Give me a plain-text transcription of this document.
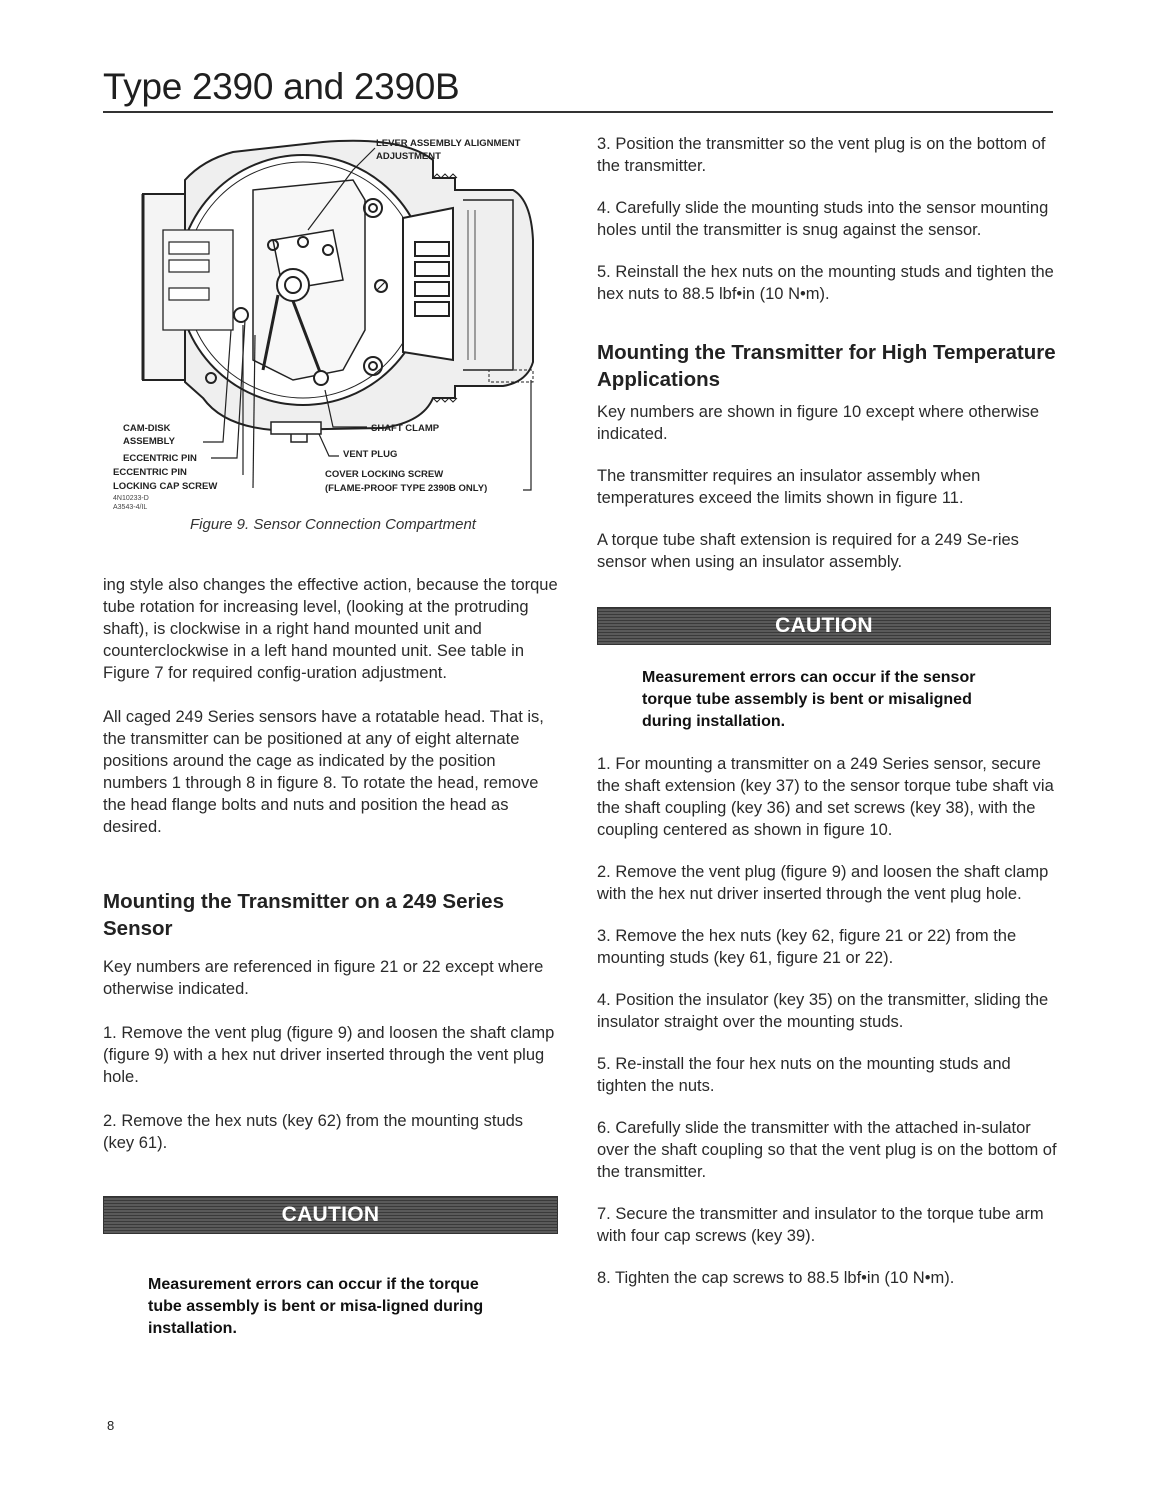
Type 2390 and 2390B
LEVER ASSEMBLY ALIGNMENT
ADJUSTMENT
CAM-DISK
ASSEMBLY
ECCENTRIC PIN
ECCENTRIC PIN
LOCKING CAP SCREW
4N10233-D
A3543-4/IL
SHAFT CLAMP
VENT PLUG
COVER LOCKING SCREW
(FLAME-PROOF TYPE 2390B ONLY)
Figure 9. Sensor Connection Compartment

ing style also changes the effective action, because the torque tube rotation for increasing level, (looking at the protruding shaft), is clockwise in a right hand mounted unit and counterclockwise in a left hand mounted unit. See table in Figure 7 for required config-uration adjustment.

All caged 249 Series sensors have a rotatable head. That is, the transmitter can be positioned at any of eight alternate positions around the cage as indicated by the position numbers 1 through 8 in figure 8. To rotate the head, remove the head flange bolts and nuts and position the head as desired.

Mounting the Transmitter on a 249 Series Sensor

Key numbers are referenced in figure 21 or 22 except where otherwise indicated.

1. Remove the vent plug (figure 9) and loosen the shaft clamp (figure 9) with a hex nut driver inserted through the vent plug hole.

2. Remove the hex nuts (key 62) from the mounting studs (key 61).

CAUTION

Measurement errors can occur if the torque tube assembly is bent or misa-ligned during installation.

3. Position the transmitter so the vent plug is on the bottom of the transmitter.

4. Carefully slide the mounting studs into the sensor mounting holes until the transmitter is snug against the sensor.

5. Reinstall the hex nuts on the mounting studs and tighten the hex nuts to 88.5 lbf•in (10 N•m).

Mounting the Transmitter for High Temperature Applications

Key numbers are shown in figure 10 except where otherwise indicated.

The transmitter requires an insulator assembly when temperatures exceed the limits shown in figure 11.

A torque tube shaft extension is required for a 249 Se-ries sensor when using an insulator assembly.

CAUTION

Measurement errors can occur if the sensor torque tube assembly is bent or misaligned during installation.

1. For mounting a transmitter on a 249 Series sensor, secure the shaft extension (key 37) to the sensor torque tube shaft via the shaft coupling (key 36) and set screws (key 38), with the coupling centered as shown in figure 10.

2. Remove the vent plug (figure 9) and loosen the shaft clamp with the hex nut driver inserted through the vent plug hole.

3. Remove the hex nuts (key 62, figure 21 or 22) from the mounting studs (key 61, figure 21 or 22).

4. Position the insulator (key 35) on the transmitter, sliding the insulator straight over the mounting studs.

5. Re-install the four hex nuts on the mounting studs and tighten the nuts.

6. Carefully slide the transmitter with the attached in-sulator over the shaft coupling so that the vent plug is on the bottom of the transmitter.

7. Secure the transmitter and insulator to the torque tube arm with four cap screws (key 39).

8. Tighten the cap screws to 88.5 lbf•in (10 N•m).

8
